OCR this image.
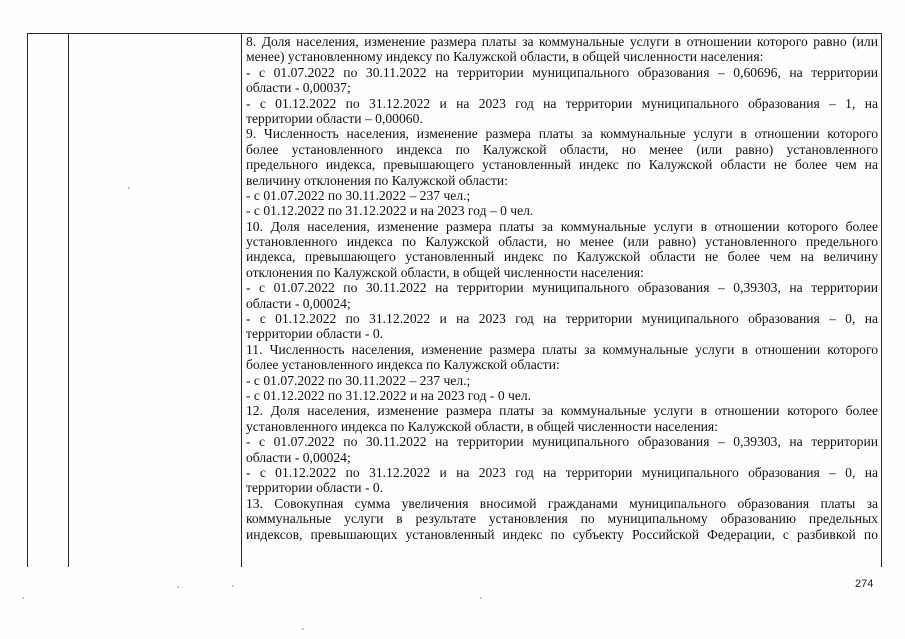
8. Доля населения, изменение размера платы за коммунальные услуги в отношении которого равно (или
менее) установленному индексу по Калужской области, в общей численности населения:
- с 01.07.2022 по 30.11.2022 на территории муниципального образования – 0,60696, на территории
области - 0,00037;
- с 01.12.2022 по 31.12.2022 и на 2023 год на территории муниципального образования – 1, на
территории области – 0,00060.
9. Численность населения, изменение размера платы за коммунальные услуги в отношении которого
более установленного индекса по Калужской области, но менее (или равно) установленного
предельного индекса, превышающего установленный индекс по Калужской области не более чем на
величину отклонения по Калужской области:
- с 01.07.2022 по 30.11.2022 – 237 чел.;
- с 01.12.2022 по 31.12.2022 и на 2023 год – 0 чел.
10. Доля населения, изменение размера платы за коммунальные услуги в отношении которого более
установленного индекса по Калужской области, но менее (или равно) установленного предельного
индекса, превышающего установленный индекс по Калужской области не более чем на величину
отклонения по Калужской области, в общей численности населения:
- с 01.07.2022 по 30.11.2022 на территории муниципального образования – 0,39303, на территории
области - 0,00024;
- с 01.12.2022 по 31.12.2022 и на 2023 год на территории муниципального образования – 0, на
территории области - 0.
11. Численность населения, изменение размера платы за коммунальные услуги в отношении которого
более установленного индекса по Калужской области:
- с 01.07.2022 по 30.11.2022 – 237 чел.;
- с 01.12.2022 по 31.12.2022 и на 2023 год - 0 чел.
12. Доля населения, изменение размера платы за коммунальные услуги в отношении которого более
установленного индекса по Калужской области, в общей численности населения:
- с 01.07.2022 по 30.11.2022 на территории муниципального образования – 0,39303, на территории
области - 0,00024;
- с 01.12.2022 по 31.12.2022 и на 2023 год на территории муниципального образования – 0, на
территории области - 0.
13. Совокупная сумма увеличения вносимой гражданами муниципального образования платы за
коммунальные услуги в результате установления по муниципальному образованию предельных
индексов, превышающих установленный индекс по субъекту Российской Федерации, с разбивкой по
274
